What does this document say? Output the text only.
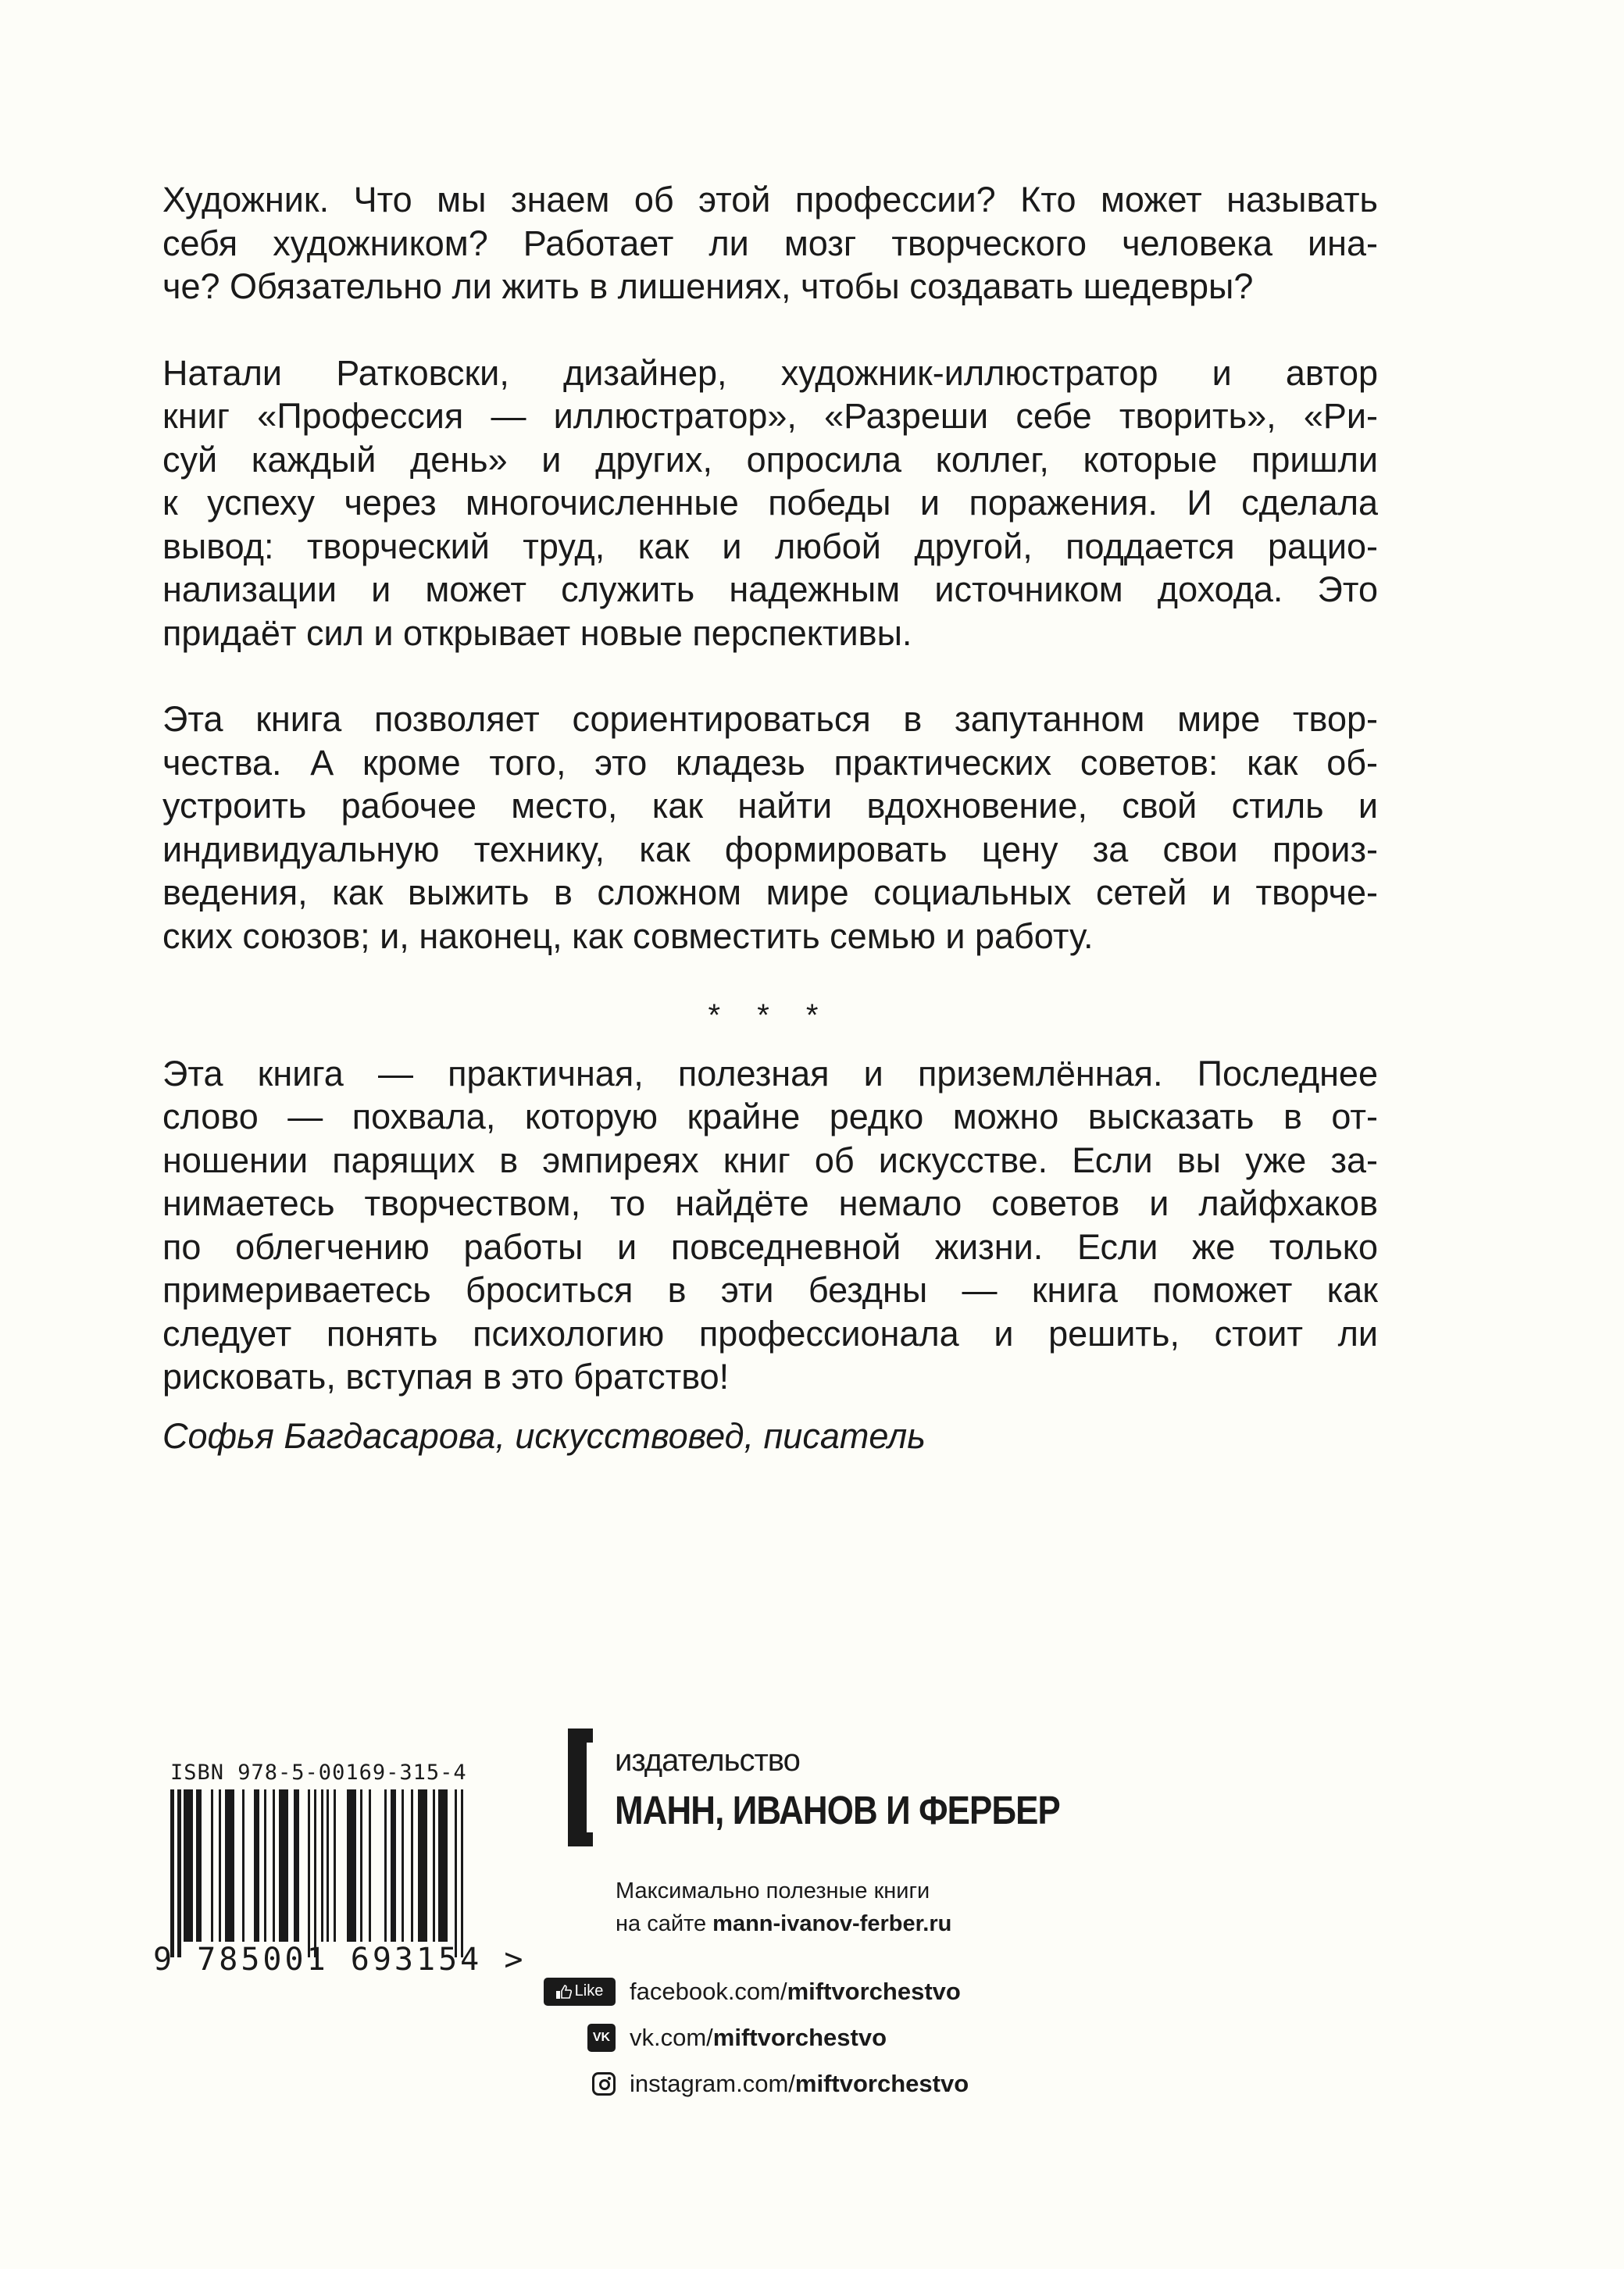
Художник. Что мы знаем об этой профессии? Кто может называть
себя художником? Работает ли мозг творческого человека ина-
че? Обязательно ли жить в лишениях, чтобы создавать шедевры?
Натали Ратковски, дизайнер, художник-иллюстратор и автор
книг «Профессия — иллюстратор», «Разреши себе творить», «Ри-
суй каждый день» и других, опросила коллег, которые пришли
к успеху через многочисленные победы и поражения. И сделала
вывод: творческий труд, как и любой другой, поддается рацио-
нализации и может служить надежным источником дохода. Это
придаёт сил и открывает новые перспективы.
Эта книга позволяет сориентироваться в запутанном мире твор-
чества. А кроме того, это кладезь практических советов: как об-
устроить рабочее место, как найти вдохновение, свой стиль и
индивидуальную технику, как формировать цену за свои произ-
ведения, как выжить в сложном мире социальных сетей и творче-
ских союзов; и, наконец, как совместить семью и работу.
* * *
Эта книга — практичная, полезная и приземлённая. Последнее
слово — похвала, которую крайне редко можно высказать в от-
ношении парящих в эмпиреях книг об искусстве. Если вы уже за-
нимаетесь творчеством, то найдёте немало советов и лайфхаков
по облегчению работы и повседневной жизни. Если же только
примериваетесь броситься в эти бездны — книга поможет как
следует понять психологию профессионала и решить, стоит ли
рисковать, вступая в это братство!
Софья Багдасарова, искусствовед, писатель
ISBN 978-5-00169-315-4
9 785001 693154 >
издательство
МАНН, ИВАНОВ И ФЕРБЕР
Максимально полезные книги
на сайте mann-ivanov-ferber.ru
Like facebook.com/miftvorchestvo
VK vk.com/miftvorchestvo
instagram.com/miftvorchestvo
